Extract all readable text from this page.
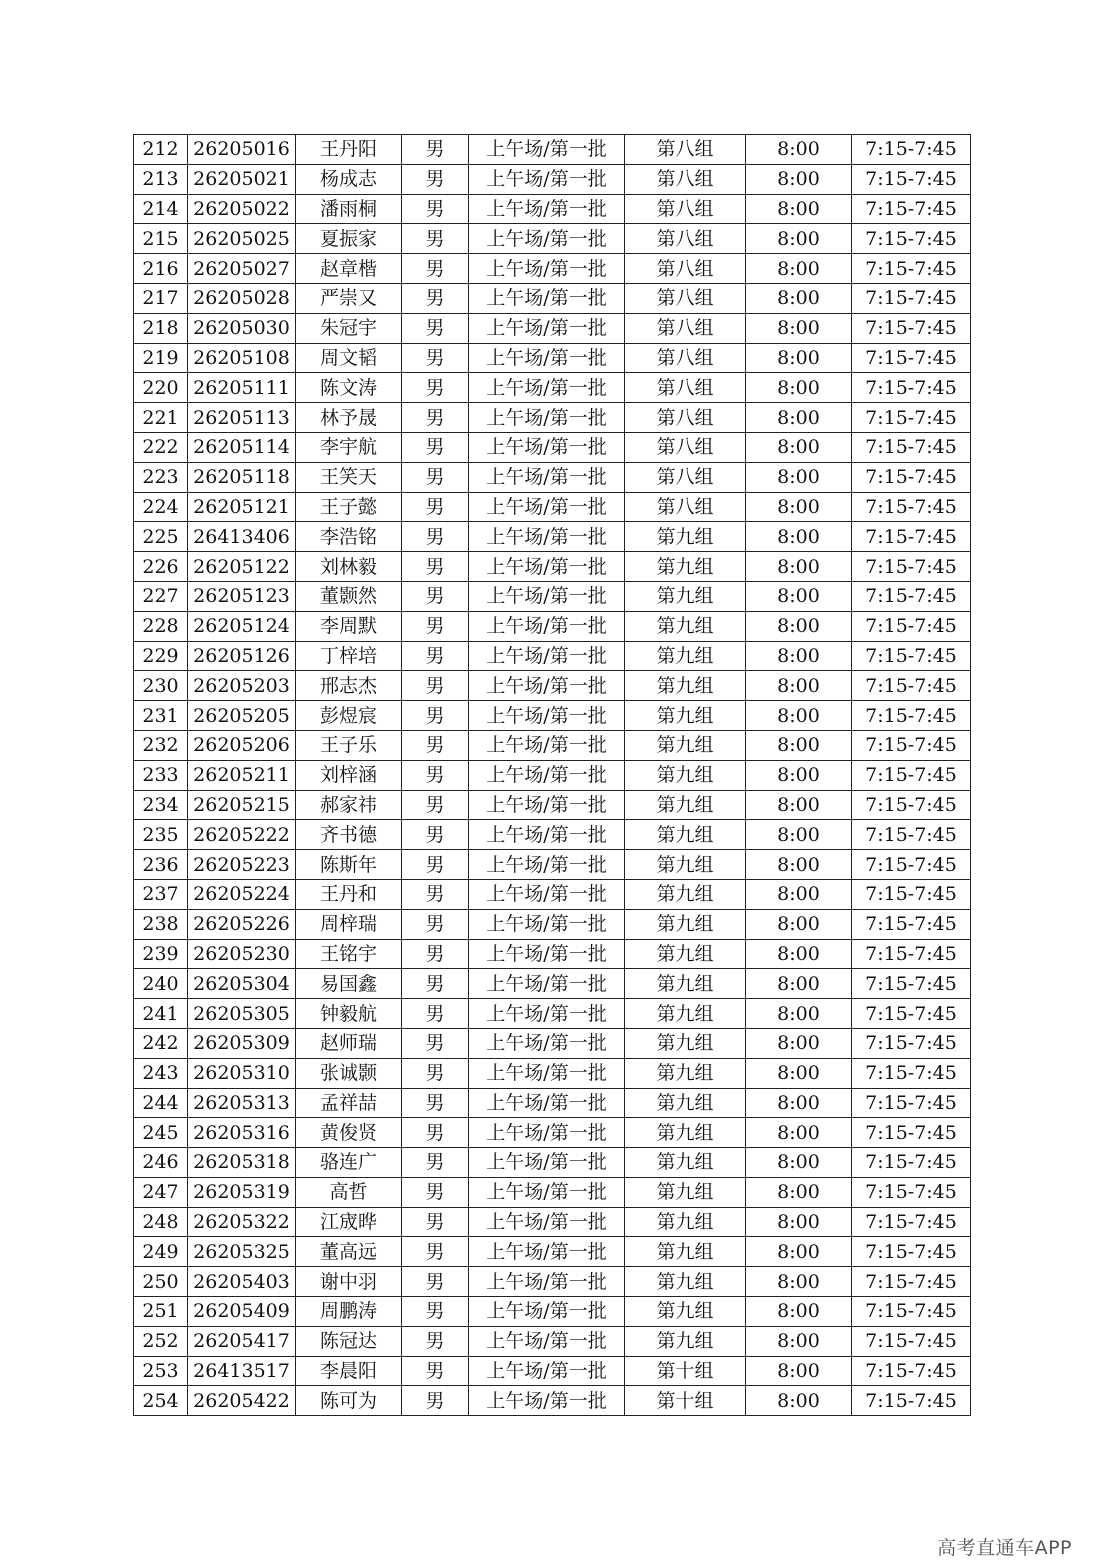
212	26205016	王丹阳	男	上午场/第一批	第八组	8:00	7:15-7:45
213	26205021	杨成志	男	上午场/第一批	第八组	8:00	7:15-7:45
214	26205022	潘雨桐	男	上午场/第一批	第八组	8:00	7:15-7:45
215	26205025	夏振家	男	上午场/第一批	第八组	8:00	7:15-7:45
216	26205027	赵章楷	男	上午场/第一批	第八组	8:00	7:15-7:45
217	26205028	严崇又	男	上午场/第一批	第八组	8:00	7:15-7:45
218	26205030	朱冠宇	男	上午场/第一批	第八组	8:00	7:15-7:45
219	26205108	周文韬	男	上午场/第一批	第八组	8:00	7:15-7:45
220	26205111	陈文涛	男	上午场/第一批	第八组	8:00	7:15-7:45
221	26205113	林予晟	男	上午场/第一批	第八组	8:00	7:15-7:45
222	26205114	李宇航	男	上午场/第一批	第八组	8:00	7:15-7:45
223	26205118	王笑天	男	上午场/第一批	第八组	8:00	7:15-7:45
224	26205121	王子懿	男	上午场/第一批	第八组	8:00	7:15-7:45
225	26413406	李浩铭	男	上午场/第一批	第九组	8:00	7:15-7:45
226	26205122	刘林毅	男	上午场/第一批	第九组	8:00	7:15-7:45
227	26205123	董颢然	男	上午场/第一批	第九组	8:00	7:15-7:45
228	26205124	李周默	男	上午场/第一批	第九组	8:00	7:15-7:45
229	26205126	丁梓培	男	上午场/第一批	第九组	8:00	7:15-7:45
230	26205203	邢志杰	男	上午场/第一批	第九组	8:00	7:15-7:45
231	26205205	彭煜宸	男	上午场/第一批	第九组	8:00	7:15-7:45
232	26205206	王子乐	男	上午场/第一批	第九组	8:00	7:15-7:45
233	26205211	刘梓涵	男	上午场/第一批	第九组	8:00	7:15-7:45
234	26205215	郝家祎	男	上午场/第一批	第九组	8:00	7:15-7:45
235	26205222	齐书德	男	上午场/第一批	第九组	8:00	7:15-7:45
236	26205223	陈斯年	男	上午场/第一批	第九组	8:00	7:15-7:45
237	26205224	王丹和	男	上午场/第一批	第九组	8:00	7:15-7:45
238	26205226	周梓瑞	男	上午场/第一批	第九组	8:00	7:15-7:45
239	26205230	王铭宇	男	上午场/第一批	第九组	8:00	7:15-7:45
240	26205304	易国鑫	男	上午场/第一批	第九组	8:00	7:15-7:45
241	26205305	钟毅航	男	上午场/第一批	第九组	8:00	7:15-7:45
242	26205309	赵师瑞	男	上午场/第一批	第九组	8:00	7:15-7:45
243	26205310	张诚颢	男	上午场/第一批	第九组	8:00	7:15-7:45
244	26205313	孟祥喆	男	上午场/第一批	第九组	8:00	7:15-7:45
245	26205316	黄俊贤	男	上午场/第一批	第九组	8:00	7:15-7:45
246	26205318	骆连广	男	上午场/第一批	第九组	8:00	7:15-7:45
247	26205319	高哲	男	上午场/第一批	第九组	8:00	7:15-7:45
248	26205322	江宬晔	男	上午场/第一批	第九组	8:00	7:15-7:45
249	26205325	董高远	男	上午场/第一批	第九组	8:00	7:15-7:45
250	26205403	谢中羽	男	上午场/第一批	第九组	8:00	7:15-7:45
251	26205409	周鹏涛	男	上午场/第一批	第九组	8:00	7:15-7:45
252	26205417	陈冠达	男	上午场/第一批	第九组	8:00	7:15-7:45
253	26413517	李晨阳	男	上午场/第一批	第十组	8:00	7:15-7:45
254	26205422	陈可为	男	上午场/第一批	第十组	8:00	7:15-7:45
高考直通车APP
